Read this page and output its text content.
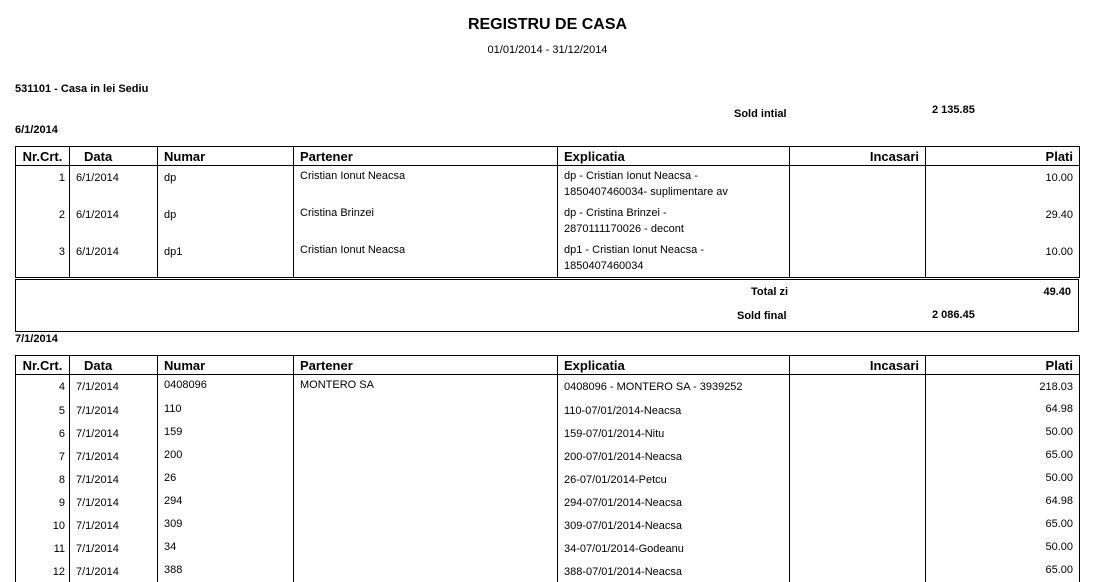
REGISTRU DE CASA
01/01/2014 - 31/12/2014
531101 - Casa in lei Sediu
Sold intial	2 135.85
6/1/2014
Nr.Crt.	Data	Numar	Partener	Explicatia	Incasari	Plati
1	6/1/2014	dp	Cristian Ionut Neacsa	dp - Cristian Ionut Neacsa -
1850407460034- suplimentare av		10.00
2	6/1/2014	dp	Cristina Brinzei	dp - Cristina Brinzei -
2870111170026 - decont		29.40
3	6/1/2014	dp1	Cristian Ionut Neacsa	dp1 - Cristian Ionut Neacsa -
1850407460034		10.00
Total zi	49.40
Sold final	2 086.45
7/1/2014
Nr.Crt.	Data	Numar	Partener	Explicatia	Incasari	Plati
4	7/1/2014	0408096	MONTERO SA	0408096 - MONTERO SA - 3939252		218.03
5	7/1/2014	110		110-07/01/2014-Neacsa		64.98
6	7/1/2014	159		159-07/01/2014-Nitu		50.00
7	7/1/2014	200		200-07/01/2014-Neacsa		65.00
8	7/1/2014	26		26-07/01/2014-Petcu		50.00
9	7/1/2014	294		294-07/01/2014-Neacsa		64.98
10	7/1/2014	309		309-07/01/2014-Neacsa		65.00
11	7/1/2014	34		34-07/01/2014-Godeanu		50.00
12	7/1/2014	388		388-07/01/2014-Neacsa		65.00
